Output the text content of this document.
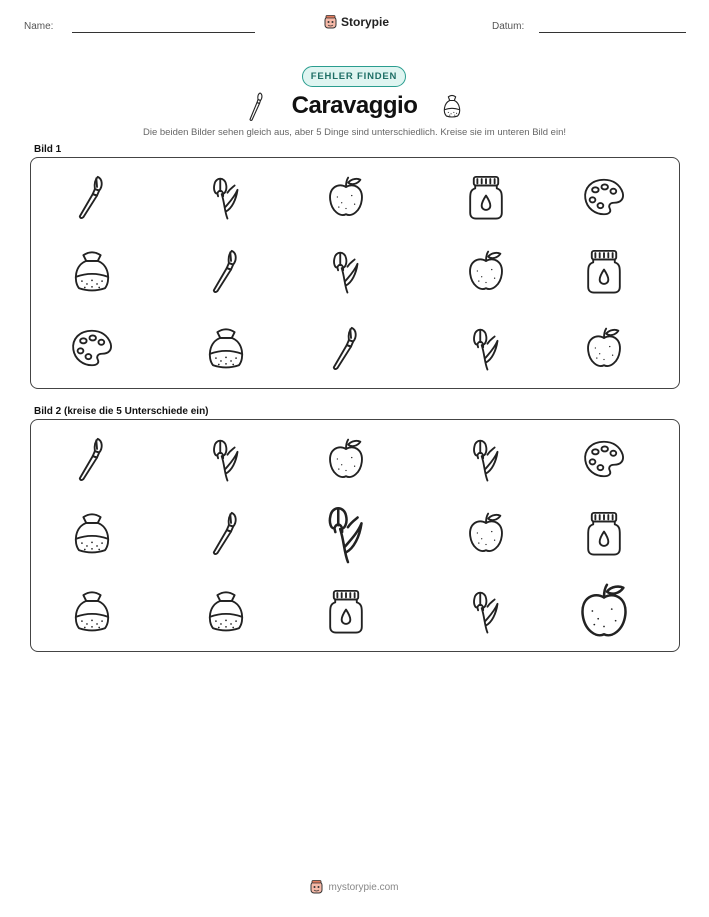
Name:	Storypie	Datum:
FEHLER FINDEN
Caravaggio
Die beiden Bilder sehen gleich aus, aber 5 Dinge sind unterschiedlich. Kreise sie im unteren Bild ein!
Bild 1
Bild 2 (kreise die 5 Unterschiede ein)
mystorypie.com
